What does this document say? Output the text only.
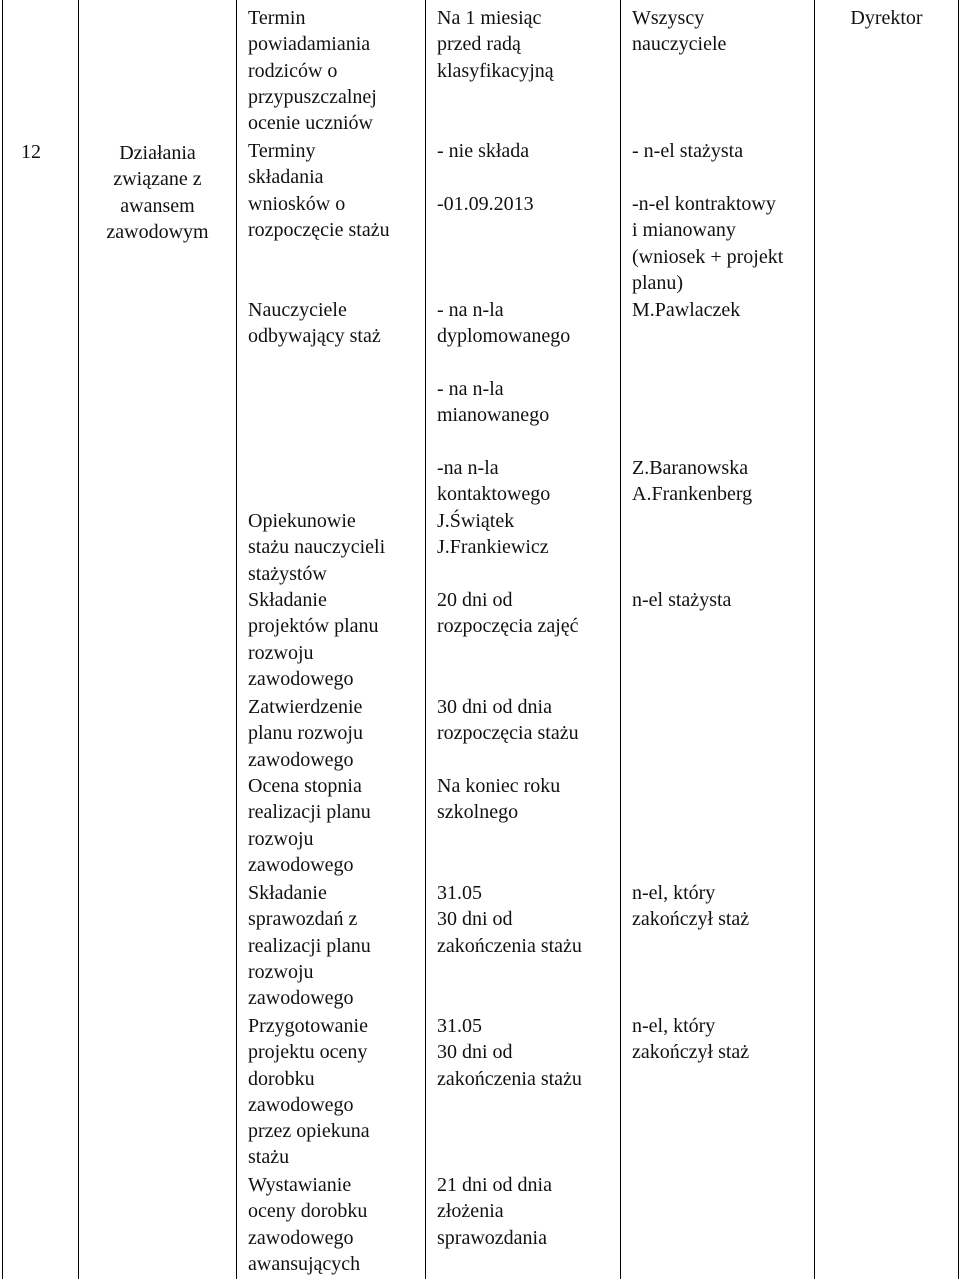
12	Działania
związane z
awansem
zawodowym
Termin
powiadamiania
rodziców o
przypuszczalnej
ocenie uczniów
Terminy
składania
wniosków o
rozpoczęcie stażu
Nauczyciele
odbywający staż
Opiekunowie
stażu nauczycieli
stażystów
Składanie
projektów planu
rozwoju
zawodowego
Zatwierdzenie
planu rozwoju
zawodowego
Ocena stopnia
realizacji planu
rozwoju
zawodowego
Składanie
sprawozdań z
realizacji planu
rozwoju
zawodowego
Przygotowanie
projektu oceny
dorobku
zawodowego
przez opiekuna
stażu
Wystawianie
oceny dorobku
zawodowego
awansujących
Na 1 miesiąc
przed radą
klasyfikacyjną
- nie składa
-01.09.2013
- na n-la
dyplomowanego
- na n-la
mianowanego
-na n-la
kontaktowego
J.Świątek
J.Frankiewicz
20 dni od
rozpoczęcia zajęć
30 dni od dnia
rozpoczęcia stażu
Na koniec roku
szkolnego
31.05
30 dni od
zakończenia stażu
31.05
30 dni od
zakończenia stażu
21 dni od dnia
złożenia
sprawozdania
Wszyscy
nauczyciele
- n-el stażysta
-n-el kontraktowy
i mianowany
(wniosek + projekt
planu)
M.Pawlaczek
Z.Baranowska
A.Frankenberg
n-el stażysta
n-el, który
zakończył staż
n-el, który
zakończył staż
Dyrektor
